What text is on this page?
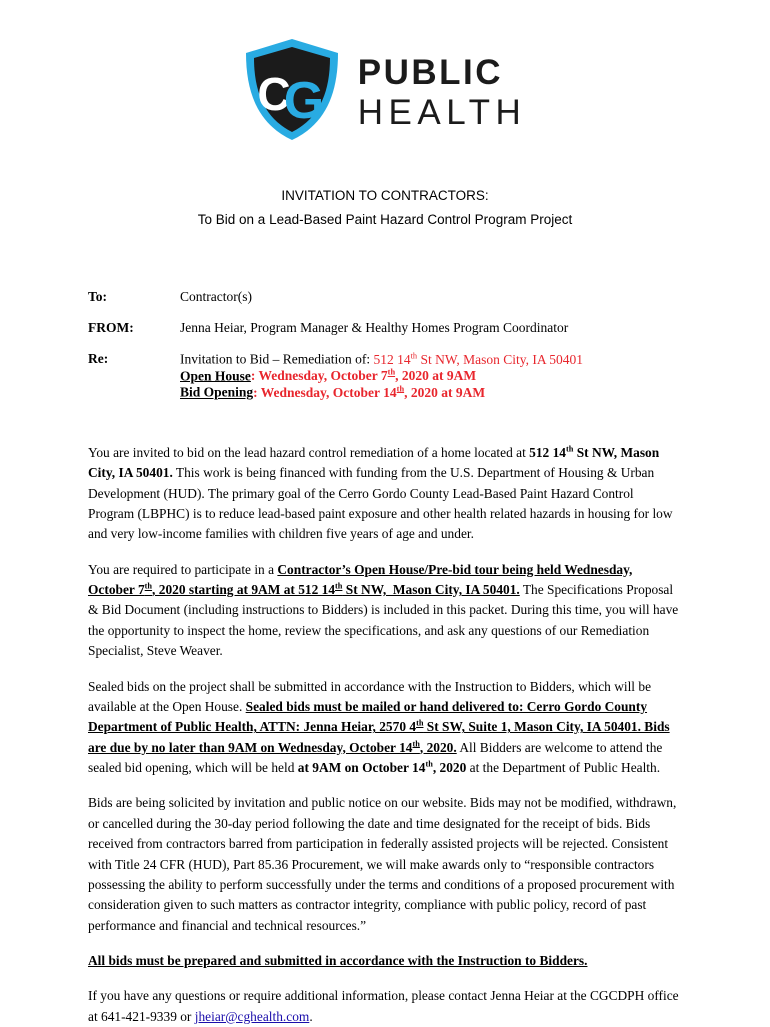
C
G PUBLIC
HEALTH
INVITATION TO CONTRACTORS:
To Bid on a Lead-Based Paint Hazard Control Program Project
To:	Contractor(s)
FROM:	Jenna Heiar, Program Manager & Healthy Homes Program Coordinator
Re:	Invitation to Bid – Remediation of: 512 14th St NW, Mason City, IA 50401
Open House: Wednesday, October 7th, 2020 at 9AM
Bid Opening: Wednesday, October 14th, 2020 at 9AM

You are invited to bid on the lead hazard control remediation of a home located at 512 14th St NW, Mason City, IA 50401. This work is being financed with funding from the U.S. Department of Housing & Urban Development (HUD). The primary goal of the Cerro Gordo County Lead-Based Paint Hazard Control Program (LBPHC) is to reduce lead-based paint exposure and other health related hazards in housing for low and very low-income families with children five years of age and under.

You are required to participate in a Contractor’s Open House/Pre-bid tour being held Wednesday, October 7th, 2020 starting at 9AM at 512 14th St NW,  Mason City, IA 50401. The Specifications Proposal & Bid Document (including instructions to Bidders) is included in this packet. During this time, you will have the opportunity to inspect the home, review the specifications, and ask any questions of our Remediation Specialist, Steve Weaver.

Sealed bids on the project shall be submitted in accordance with the Instruction to Bidders, which will be available at the Open House. Sealed bids must be mailed or hand delivered to: Cerro Gordo County Department of Public Health, ATTN: Jenna Heiar, 2570 4th St SW, Suite 1, Mason City, IA 50401. Bids are due by no later than 9AM on Wednesday, October 14th, 2020. All Bidders are welcome to attend the sealed bid opening, which will be held at 9AM on October 14th, 2020 at the Department of Public Health.

Bids are being solicited by invitation and public notice on our website. Bids may not be modified, withdrawn, or cancelled during the 30-day period following the date and time designated for the receipt of bids. Bids received from contractors barred from participation in federally assisted projects will be rejected. Consistent with Title 24 CFR (HUD), Part 85.36 Procurement, we will make awards only to “responsible contractors possessing the ability to perform successfully under the terms and conditions of a proposed procurement with consideration given to such matters as contractor integrity, compliance with public policy, record of past performance and financial and technical resources.”

All bids must be prepared and submitted in accordance with the Instruction to Bidders.

If you have any questions or require additional information, please contact Jenna Heiar at the CGCDPH office at 641-421-9339 or jheiar@cghealth.com.
